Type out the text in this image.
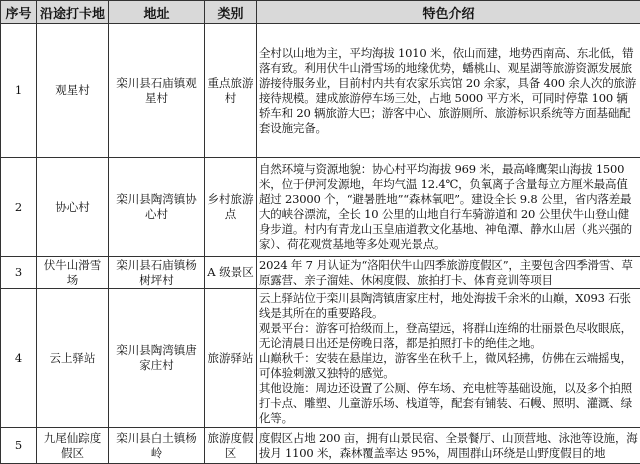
序号	沿途打卡地	地址	类别	特色介绍
1	观星村	栾川县石庙镇观星村	重点旅游村	全村以山地为主，平均海拔 1010 米，依山而建，地势西南高、东北低，错落有致。利用伏牛山滑雪场的地缘优势，蟠桃山、观星湖等旅游资源发展旅游接待服务业，目前村内共有农家乐宾馆 20 余家，具备 400 余人次的旅游接待规模。建成旅游停车场三处，占地 5000 平方米，可同时停靠 100 辆轿车和 20 辆旅游大巴；游客中心、旅游厕所、旅游标识系统等方面基础配套设施完备。
2	协心村	栾川县陶湾镇协心村	乡村旅游点	自然环境与资源地貌：协心村平均海拔 969 米，最高峰鹰架山海拔 1500 米，位于伊河发源地，年均气温 12.4℃，负氧离子含量每立方厘米最高值超过 23000 个，“避暑胜地”“森林氧吧”。建设全长 9.8 公里，省内落差最大的峡谷漂流，全长 10 公里的山地自行车骑游道和 20 公里伏牛山登山健身步道。村内有青龙山玉皇庙道教文化基地、神龟潭、静水山居（兆兴强的家）、荷花观赏基地等多处观光景点。
3	伏牛山滑雪场	栾川县石庙镇杨树坪村	A 级景区	2024 年 7 月认证为“洛阳伏牛山四季旅游度假区”，主要包含四季滑雪、草原露营、亲子溜娃、休闲度假、旅拍打卡、体育竞训等项目
4	云上驿站	栾川县陶湾镇唐家庄村	旅游驿站	云上驿站位于栾川县陶湾镇唐家庄村，地处海拔千余米的山巅，X093 石张线是其所在的重要路段。
观景平台：游客可拾级而上，登高望远，将群山连绵的壮丽景色尽收眼底，无论清晨日出还是傍晚日落，都是拍照打卡的绝佳之地。
山巅秋千：安装在悬崖边，游客坐在秋千上，微风轻拂，仿佛在云端摇曳，可体验刺激又独特的感觉。
其他设施：周边还设置了公厕、停车场、充电桩等基础设施，以及多个拍照打卡点、雕塑、儿童游乐场、栈道等，配套有铺装、石幔、照明、灌溉、绿化等。

5	九尾仙踪度假区	栾川县白土镇杨岭	旅游度假区	度假区占地 200 亩，拥有山景民宿、全景餐厅、山顶营地、泳池等设施，海拔月 1100 米，森林覆盖率达 95%，周围群山环绕是山野度假目的地
